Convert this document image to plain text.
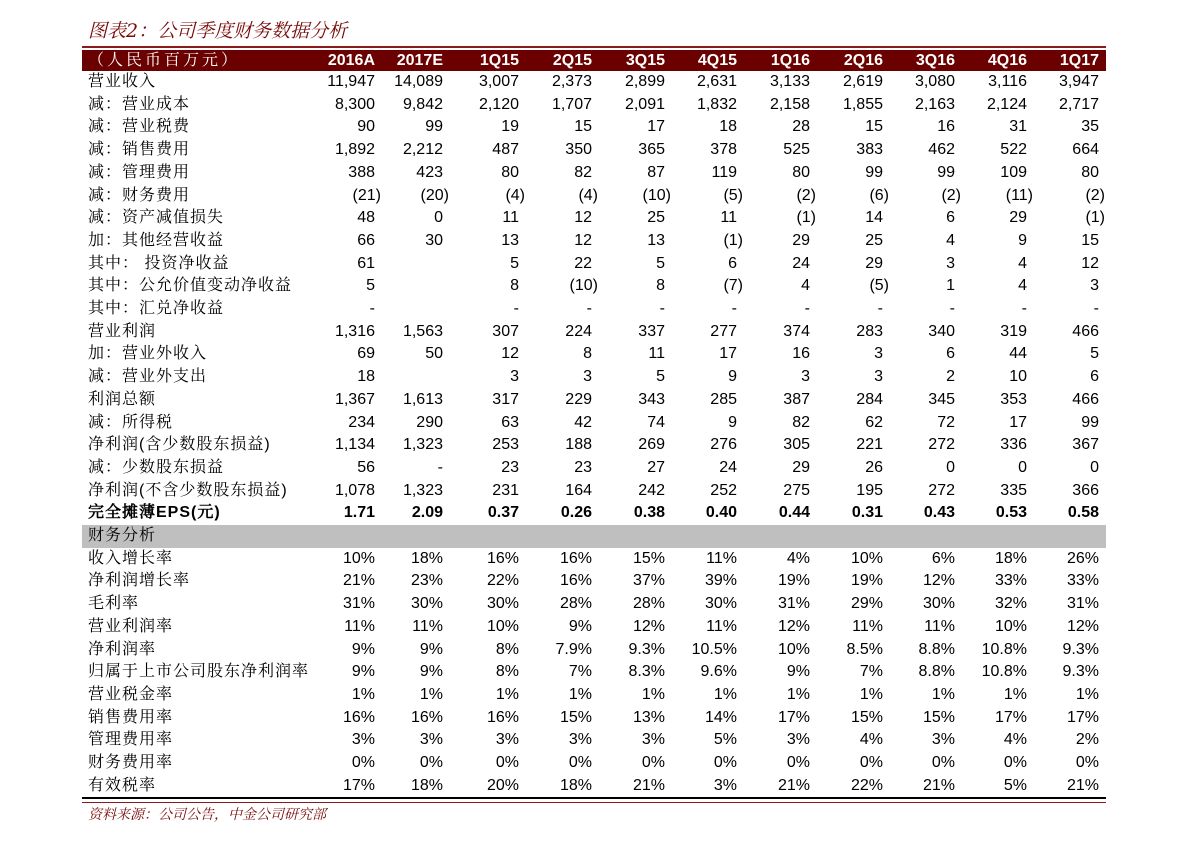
图表2：公司季度财务数据分析
（人民币百万元）	2016A	2017E	1Q15	2Q15	3Q15	4Q15	1Q16	2Q16	3Q16	4Q16	1Q17
营业收入	11,947	14,089	3,007	2,373	2,899	2,631	3,133	2,619	3,080	3,116	3,947
减：营业成本	8,300	9,842	2,120	1,707	2,091	1,832	2,158	1,855	2,163	2,124	2,717
减：营业税费	90	99	19	15	17	18	28	15	16	31	35
减：销售费用	1,892	2,212	487	350	365	378	525	383	462	522	664
减：管理费用	388	423	80	82	87	119	80	99	99	109	80
减：财务费用	(21)	(20)	(4)	(4)	(10)	(5)	(2)	(6)	(2)	(11)	(2)
减：资产减值损失	48	0	11	12	25	11	(1)	14	6	29	(1)
加：其他经营收益	66	30	13	12	13	(1)	29	25	4	9	15
其中： 投资净收益	61		5	22	5	6	24	29	3	4	12
其中：公允价值变动净收益	5		8	(10)	8	(7)	4	(5)	1	4	3
其中：汇兑净收益	-		-	-	-	-	-	-	-	-	-
营业利润	1,316	1,563	307	224	337	277	374	283	340	319	466
加：营业外收入	69	50	12	8	11	17	16	3	6	44	5
减：营业外支出	18		3	3	5	9	3	3	2	10	6
利润总额	1,367	1,613	317	229	343	285	387	284	345	353	466
减：所得税	234	290	63	42	74	9	82	62	72	17	99
净利润(含少数股东损益)	1,134	1,323	253	188	269	276	305	221	272	336	367
减：少数股东损益	56	-	23	23	27	24	29	26	0	0	0
净利润(不含少数股东损益)	1,078	1,323	231	164	242	252	275	195	272	335	366
完全摊薄EPS(元)	1.71	2.09	0.37	0.26	0.38	0.40	0.44	0.31	0.43	0.53	0.58
财务分析											
收入增长率	10%	18%	16%	16%	15%	11%	4%	10%	6%	18%	26%
净利润增长率	21%	23%	22%	16%	37%	39%	19%	19%	12%	33%	33%
毛利率	31%	30%	30%	28%	28%	30%	31%	29%	30%	32%	31%
营业利润率	11%	11%	10%	9%	12%	11%	12%	11%	11%	10%	12%
净利润率	9%	9%	8%	7.9%	9.3%	10.5%	10%	8.5%	8.8%	10.8%	9.3%
归属于上市公司股东净利润率	9%	9%	8%	7%	8.3%	9.6%	9%	7%	8.8%	10.8%	9.3%
营业税金率	1%	1%	1%	1%	1%	1%	1%	1%	1%	1%	1%
销售费用率	16%	16%	16%	15%	13%	14%	17%	15%	15%	17%	17%
管理费用率	3%	3%	3%	3%	3%	5%	3%	4%	3%	4%	2%
财务费用率	0%	0%	0%	0%	0%	0%	0%	0%	0%	0%	0%
有效税率	17%	18%	20%	18%	21%	3%	21%	22%	21%	5%	21%
资料来源：公司公告，中金公司研究部
